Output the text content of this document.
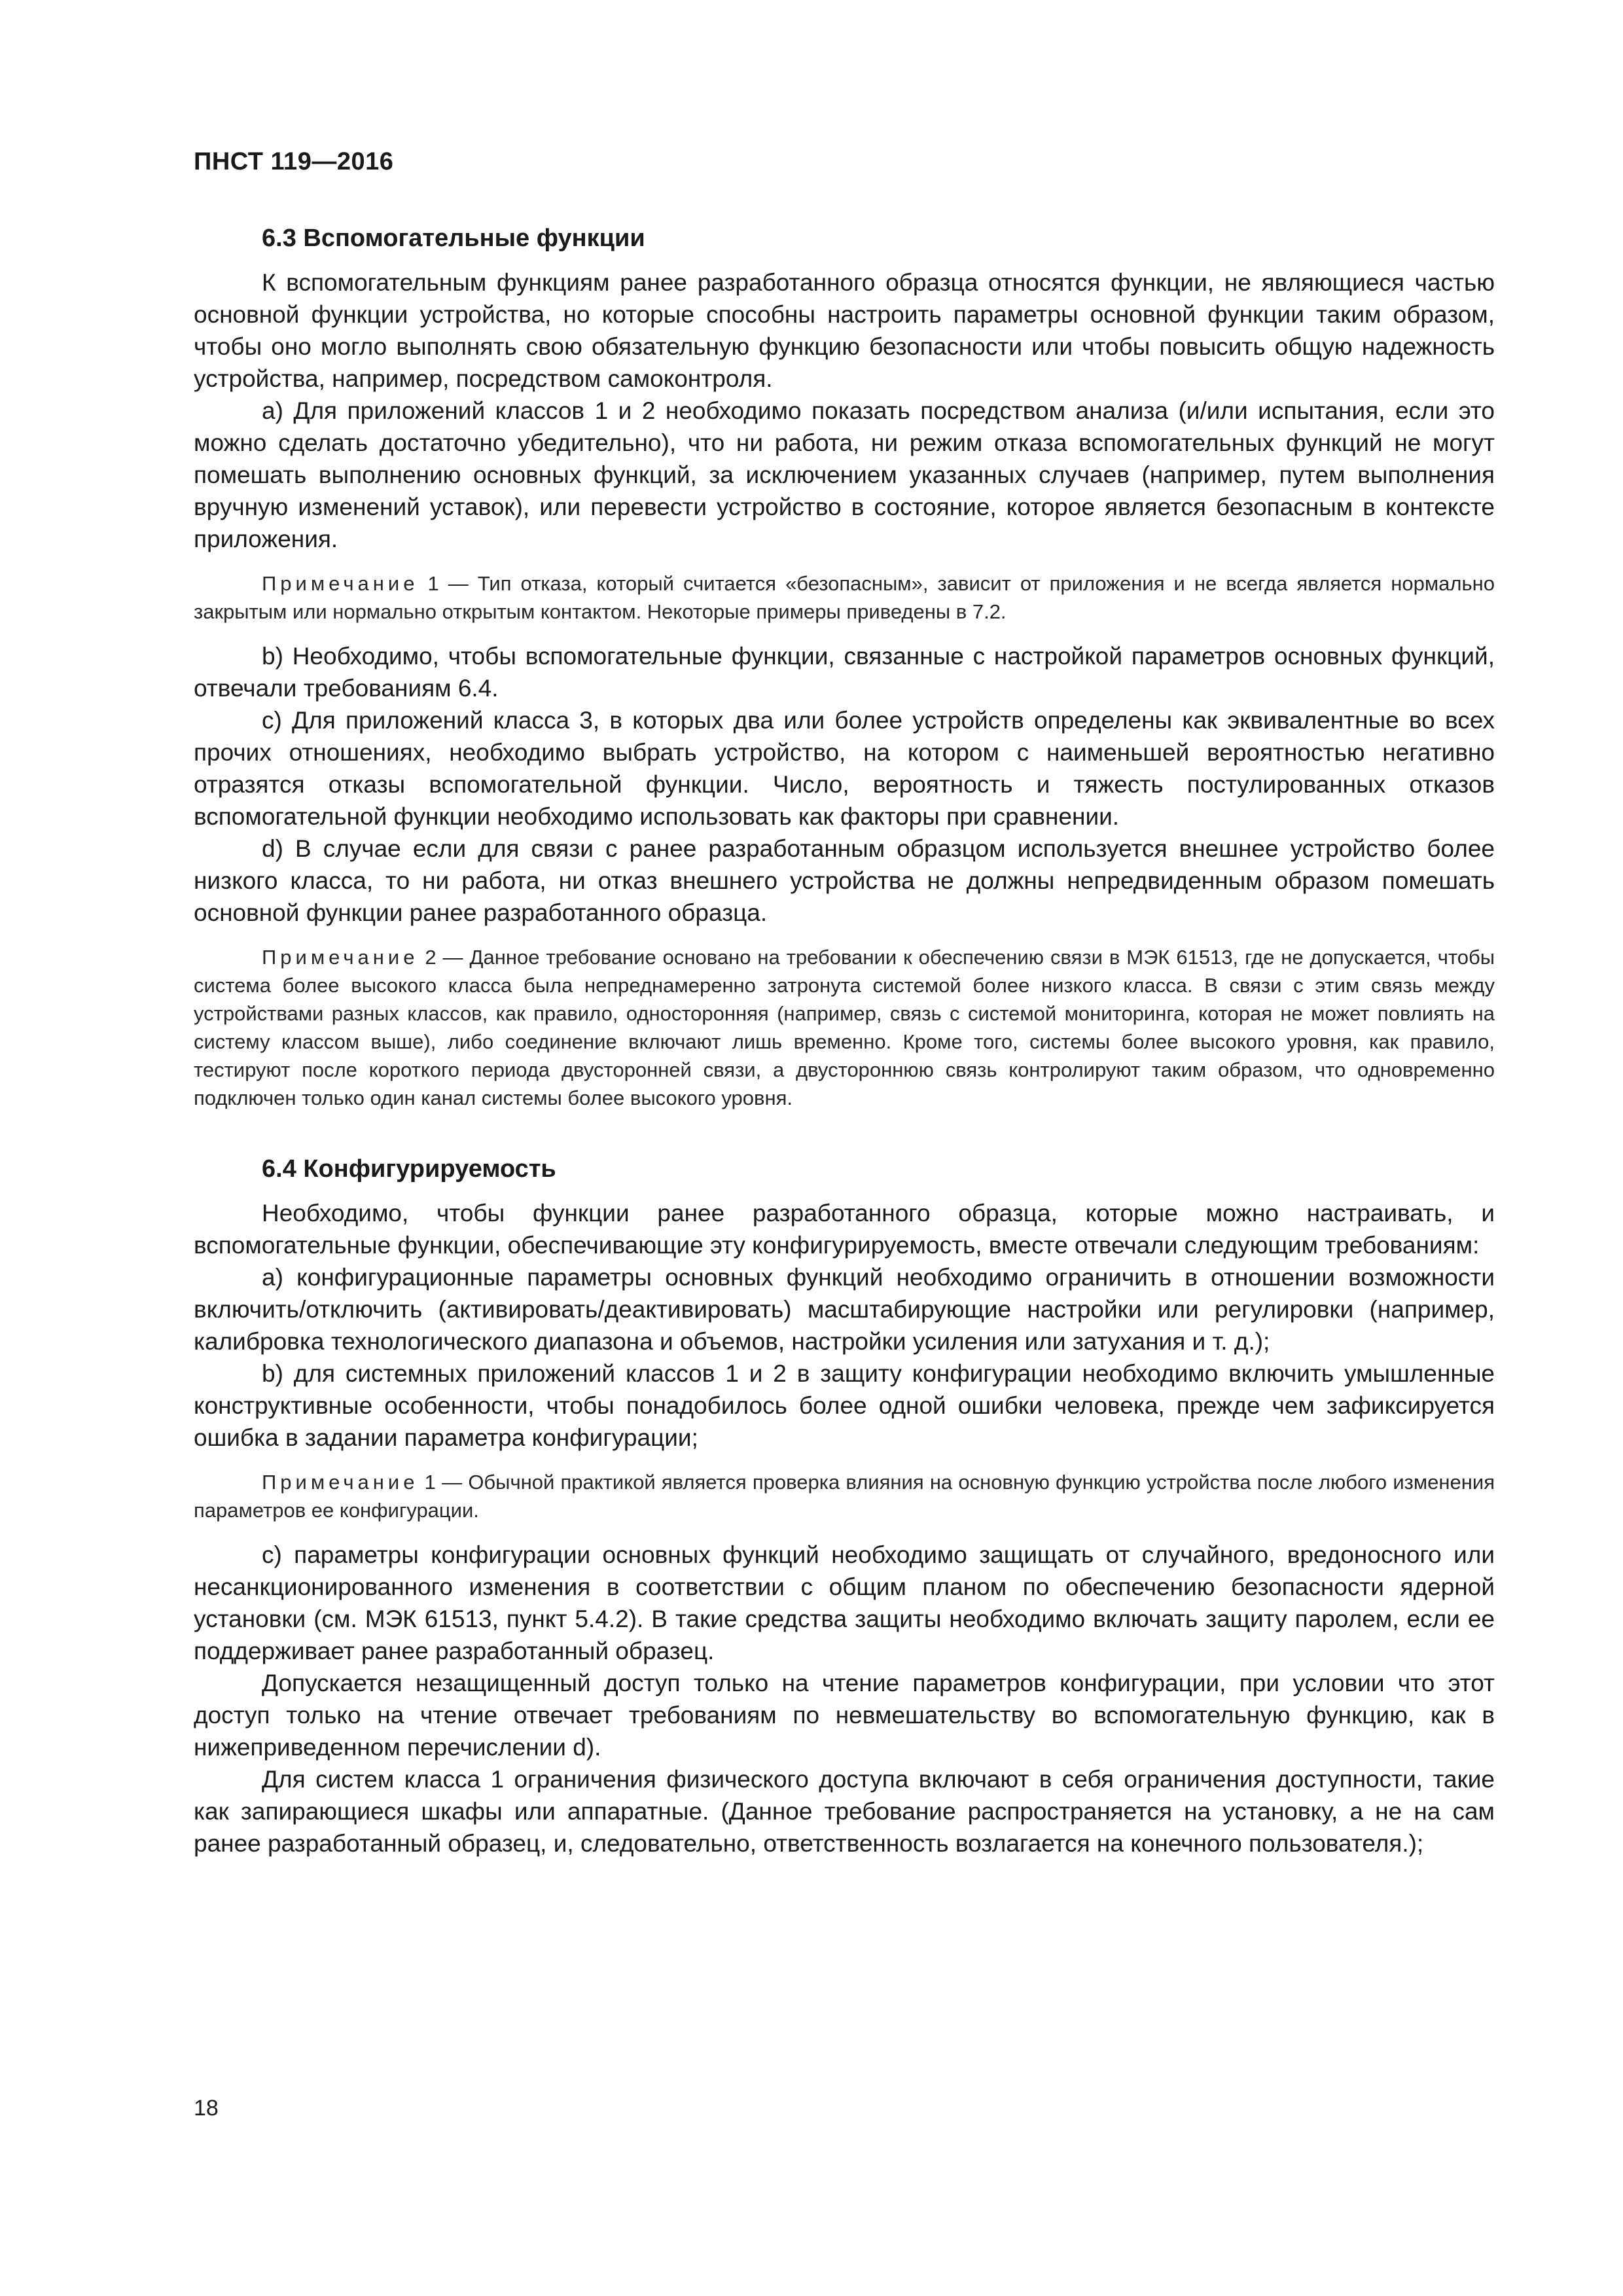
ПНСТ 119—2016

6.3 Вспомогательные функции

К вспомогательным функциям ранее разработанного образца относятся функции, не являющиеся частью основной функции устройства, но которые способны настроить параметры основной функции таким образом, чтобы оно могло выполнять свою обязательную функцию безопасности или чтобы повысить общую надежность устройства, например, посредством самоконтроля.

а) Для приложений классов 1 и 2 необходимо показать посредством анализа (и/или испытания, если это можно сделать достаточно убедительно), что ни работа, ни режим отказа вспомогательных функций не могут помешать выполнению основных функций, за исключением указанных случаев (например, путем выполнения вручную изменений уставок), или перевести устройство в состояние, которое является безопасным в контексте приложения.

Примечание 1 — Тип отказа, который считается «безопасным», зависит от приложения и не всегда является нормально закрытым или нормально открытым контактом. Некоторые примеры приведены в 7.2.

b) Необходимо, чтобы вспомогательные функции, связанные с настройкой параметров основных функций, отвечали требованиям 6.4.

c) Для приложений класса 3, в которых два или более устройств определены как эквивалентные во всех прочих отношениях, необходимо выбрать устройство, на котором с наименьшей вероятностью негативно отразятся отказы вспомогательной функции. Число, вероятность и тяжесть постулированных отказов вспомогательной функции необходимо использовать как факторы при сравнении.

d) В случае если для связи с ранее разработанным образцом используется внешнее устройство более низкого класса, то ни работа, ни отказ внешнего устройства не должны непредвиденным образом помешать основной функции ранее разработанного образца.

Примечание 2 — Данное требование основано на требовании к обеспечению связи в МЭК 61513, где не допускается, чтобы система более высокого класса была непреднамеренно затронута системой более низкого класса. В связи с этим связь между устройствами разных классов, как правило, односторонняя (например, связь с системой мониторинга, которая не может повлиять на систему классом выше), либо соединение включают лишь временно. Кроме того, системы более высокого уровня, как правило, тестируют после короткого периода двусторонней связи, а двустороннюю связь контролируют таким образом, что одновременно подключен только один канал системы более высокого уровня.

6.4 Конфигурируемость

Необходимо, чтобы функции ранее разработанного образца, которые можно настраивать, и вспомогательные функции, обеспечивающие эту конфигурируемость, вместе отвечали следующим требованиям:

а) конфигурационные параметры основных функций необходимо ограничить в отношении возможности включить/отключить (активировать/деактивировать) масштабирующие настройки или регулировки (например, калибровка технологического диапазона и объемов, настройки усиления или затухания и т. д.);

b) для системных приложений классов 1 и 2 в защиту конфигурации необходимо включить умышленные конструктивные особенности, чтобы понадобилось более одной ошибки человека, прежде чем зафиксируется ошибка в задании параметра конфигурации;

Примечание 1 — Обычной практикой является проверка влияния на основную функцию устройства после любого изменения параметров ее конфигурации.

c) параметры конфигурации основных функций необходимо защищать от случайного, вредоносного или несанкционированного изменения в соответствии с общим планом по обеспечению безопасности ядерной установки (см. МЭК 61513, пункт 5.4.2). В такие средства защиты необходимо включать защиту паролем, если ее поддерживает ранее разработанный образец.

Допускается незащищенный доступ только на чтение параметров конфигурации, при условии что этот доступ только на чтение отвечает требованиям по невмешательству во вспомогательную функцию, как в нижеприведенном перечислении d).

Для систем класса 1 ограничения физического доступа включают в себя ограничения доступности, такие как запирающиеся шкафы или аппаратные. (Данное требование распространяется на установку, а не на сам ранее разработанный образец, и, следовательно, ответственность возлагается на конечного пользователя.);

18
